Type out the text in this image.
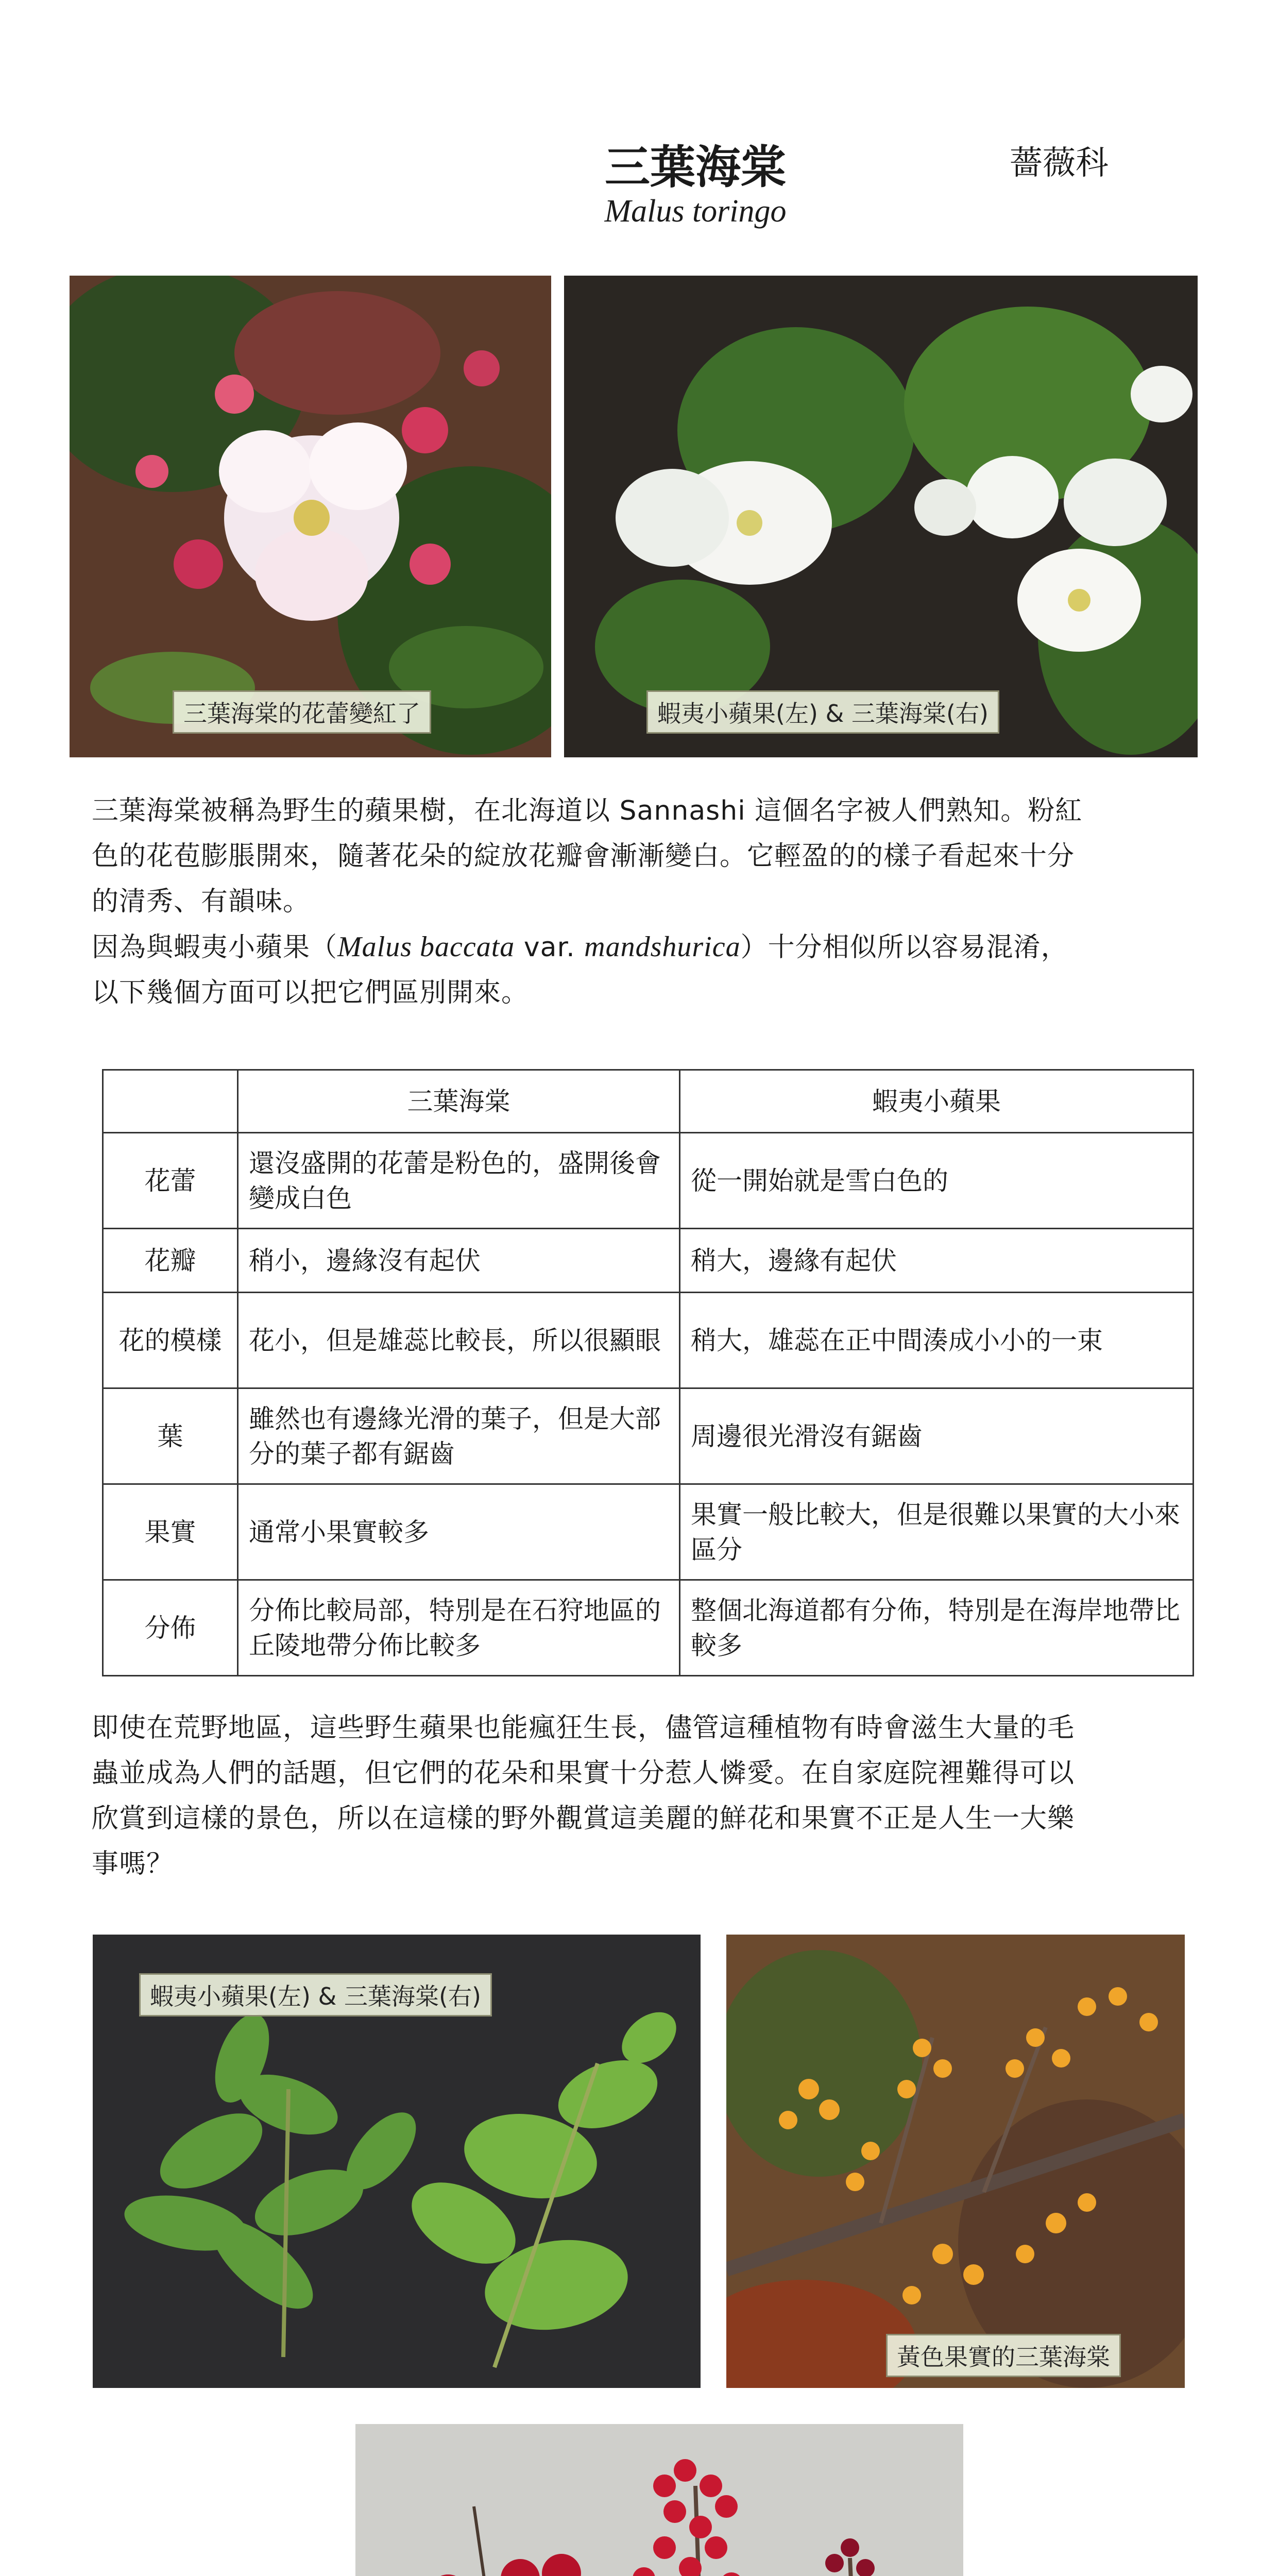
三葉海棠	薔薇科
Malus toringo
三葉海棠的花蕾變紅了	蝦夷小蘋果(左) & 三葉海棠(右)
三葉海棠被稱為野生的蘋果樹，在北海道以 Sannashi 這個名字被人們熟知。粉紅
色的花苞膨脹開來，隨著花朵的綻放花瓣會漸漸變白。它輕盈的的樣子看起來十分
的清秀、有韻味。
因為與蝦夷小蘋果（Malus baccata var. mandshurica）十分相似所以容易混淆，
以下幾個方面可以把它們區別開來。
	三葉海棠	蝦夷小蘋果
花蕾	還沒盛開的花蕾是粉色的，盛開後會變成白色	從一開始就是雪白色的
花瓣	稍小，邊緣沒有起伏	稍大，邊緣有起伏
花的模樣	花小，但是雄蕊比較長，所以很顯眼	稍大，雄蕊在正中間湊成小小的一束
葉	雖然也有邊緣光滑的葉子，但是大部分的葉子都有鋸齒	周邊很光滑沒有鋸齒
果實	通常小果實較多	果實一般比較大，但是很難以果實的大小來區分
分佈	分佈比較局部，特別是在石狩地區的丘陵地帶分佈比較多	整個北海道都有分佈，特別是在海岸地帶比較多
即使在荒野地區，這些野生蘋果也能瘋狂生長，儘管這種植物有時會滋生大量的毛
蟲並成為人們的話題，但它們的花朵和果實十分惹人憐愛。在自家庭院裡難得可以
欣賞到這樣的景色，所以在這樣的野外觀賞這美麗的鮮花和果實不正是人生一大樂
事嗎？
蝦夷小蘋果(左) & 三葉海棠(右)
黃色果實的三葉海棠
